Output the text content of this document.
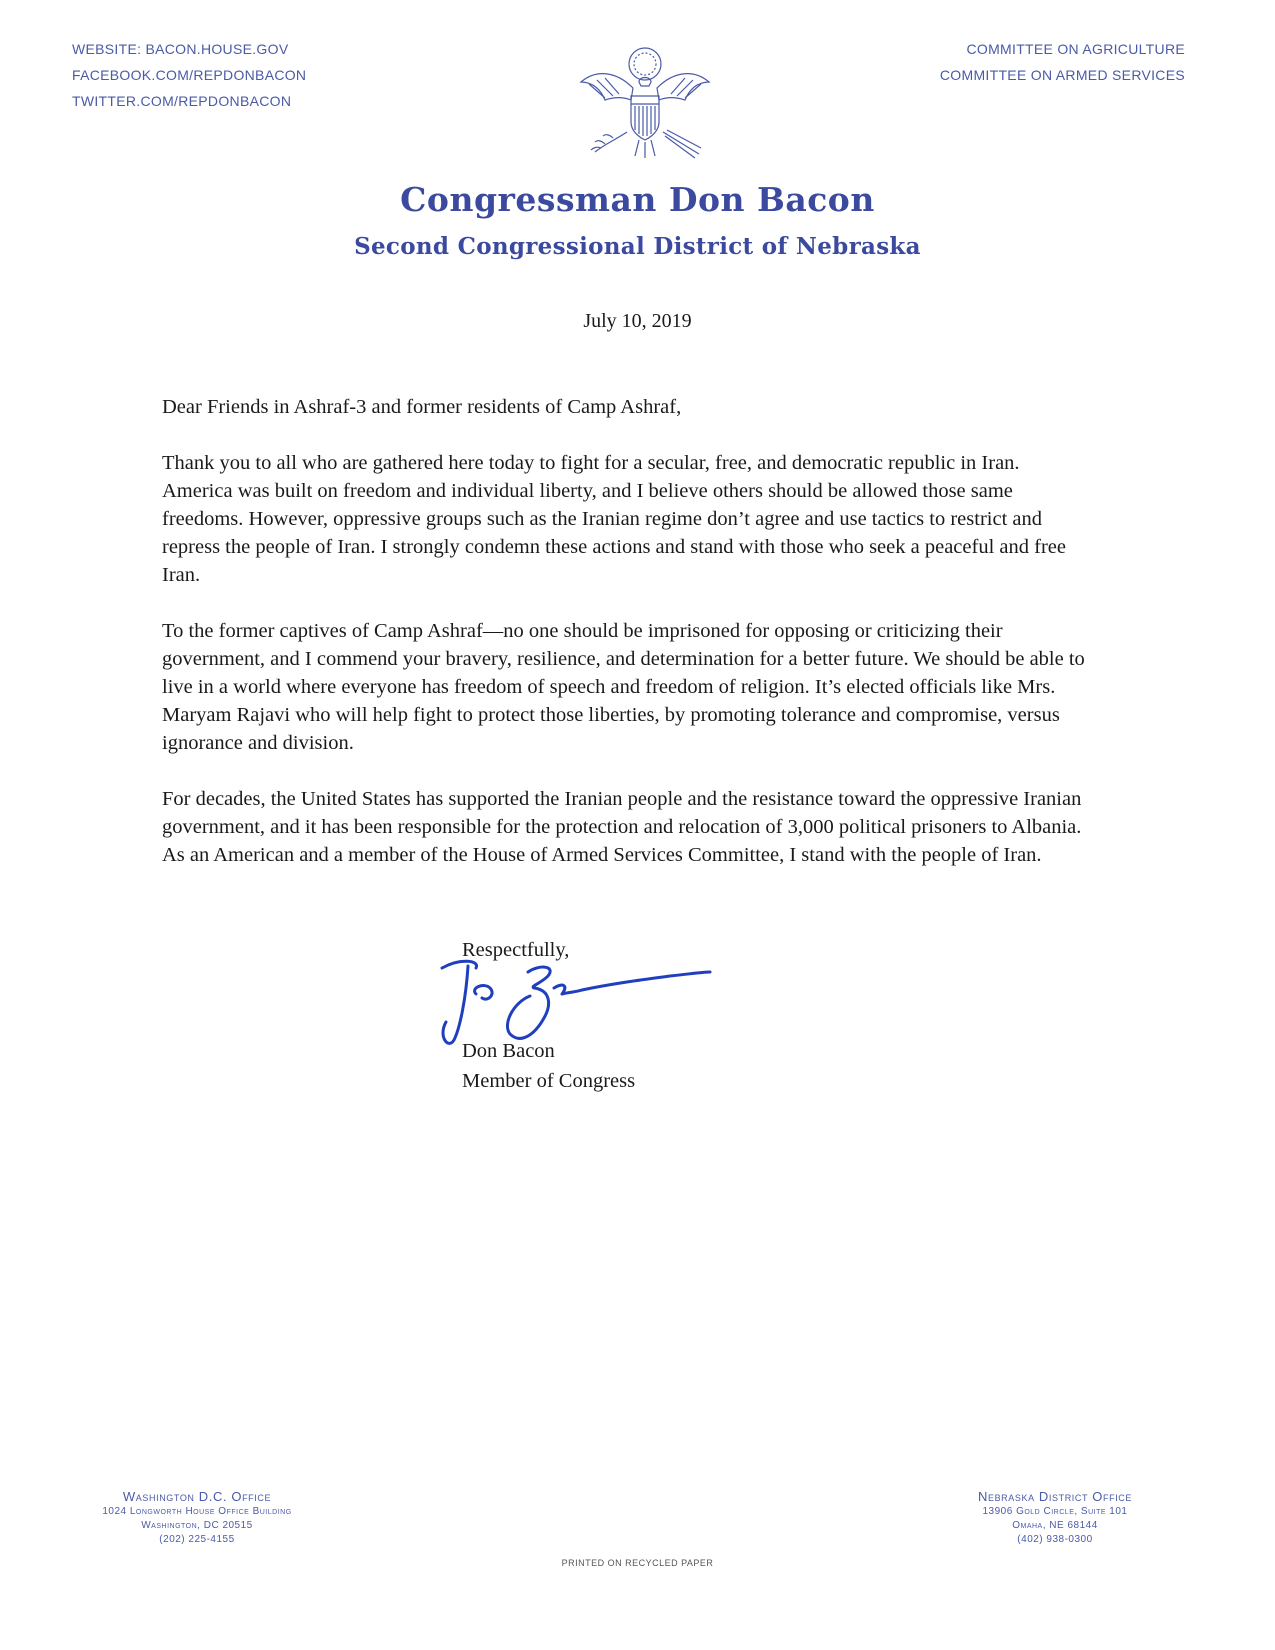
WEBSITE: BACON.HOUSE.GOV
FACEBOOK.COM/REPDONBACON
TWITTER.COM/REPDONBACON
COMMITTEE ON AGRICULTURE
COMMITTEE ON ARMED SERVICES
Congressman Don Bacon
Second Congressional District of Nebraska
July 10, 2019

Dear Friends in Ashraf-3 and former residents of Camp Ashraf,

Thank you to all who are gathered here today to fight for a secular, free, and democratic republic in Iran. America was built on freedom and individual liberty, and I believe others should be allowed those same freedoms. However, oppressive groups such as the Iranian regime don’t agree and use tactics to restrict and repress the people of Iran. I strongly condemn these actions and stand with those who seek a peaceful and free Iran.

To the former captives of Camp Ashraf—no one should be imprisoned for opposing or criticizing their government, and I commend your bravery, resilience, and determination for a better future. We should be able to live in a world where everyone has freedom of speech and freedom of religion. It’s elected officials like Mrs. Maryam Rajavi who will help fight to protect those liberties, by promoting tolerance and compromise, versus ignorance and division.

For decades, the United States has supported the Iranian people and the resistance toward the oppressive Iranian government, and it has been responsible for the protection and relocation of 3,000 political prisoners to Albania. As an American and a member of the House of Armed Services Committee, I stand with the people of Iran.

Respectfully,
Don Bacon
Member of Congress
Washington D.C. Office
1024 Longworth House Office Building
Washington, DC 20515
(202) 225-4155
Nebraska District Office
13906 Gold Circle, Suite 101
Omaha, NE 68144
(402) 938-0300
PRINTED ON RECYCLED PAPER
